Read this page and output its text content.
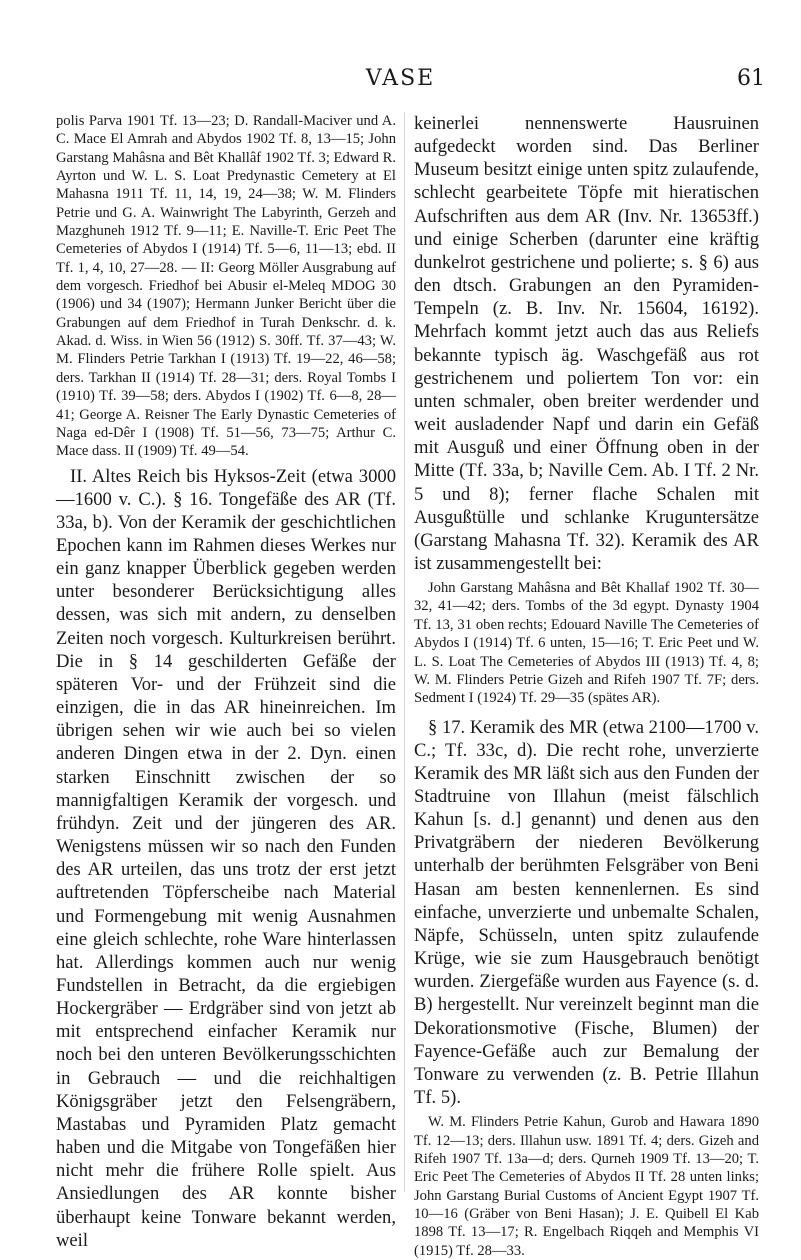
VASE	61

polis Parva 1901 Tf. 13—23; D. Randall-Maciver und A. C. Mace El Amrah and Abydos 1902 Tf. 8, 13—15; John Garstang Mahâsna and Bêt Khallâf 1902 Tf. 3; Edward R. Ayrton und W. L. S. Loat Predynastic Cemetery at El Mahasna 1911 Tf. 11, 14, 19, 24—38; W. M. Flinders Petrie und G. A. Wainwright The Labyrinth, Gerzeh and Mazghuneh 1912 Tf. 9—11; E. Naville-T. Eric Peet The Cemeteries of Abydos I (1914) Tf. 5—6, 11—13; ebd. II Tf. 1, 4, 10, 27—28. — II: Georg Möller Ausgrabung auf dem vorgesch. Friedhof bei Abusir el-Meleq MDOG 30 (1906) und 34 (1907); Hermann Junker Bericht über die Grabungen auf dem Friedhof in Turah Denkschr. d. k. Akad. d. Wiss. in Wien 56 (1912) S. 30ff. Tf. 37—43; W. M. Flinders Petrie Tarkhan I (1913) Tf. 19—22, 46—58; ders. Tarkhan II (1914) Tf. 28—31; ders. Royal Tombs I (1910) Tf. 39—58; ders. Abydos I (1902) Tf. 6—8, 28—41; George A. Reisner The Early Dynastic Cemeteries of Naga ed-Dêr I (1908) Tf. 51—56, 73—75; Arthur C. Mace dass. II (1909) Tf. 49—54.

II. Altes Reich bis Hyksos-Zeit (etwa 3000—1600 v. C.). § 16. Tongefäße des AR (Tf. 33a, b). Von der Keramik der geschichtlichen Epochen kann im Rahmen dieses Werkes nur ein ganz knapper Überblick gegeben werden unter besonderer Berücksichtigung alles dessen, was sich mit andern, zu denselben Zeiten noch vorgesch. Kulturkreisen berührt. Die in § 14 geschilderten Gefäße der späteren Vor- und der Frühzeit sind die einzigen, die in das AR hineinreichen. Im übrigen sehen wir wie auch bei so vielen anderen Dingen etwa in der 2. Dyn. einen starken Einschnitt zwischen der so mannigfaltigen Keramik der vorgesch. und frühdyn. Zeit und der jüngeren des AR. Wenigstens müssen wir so nach den Funden des AR urteilen, das uns trotz der erst jetzt auftretenden Töpferscheibe nach Material und Formengebung mit wenig Ausnahmen eine gleich schlechte, rohe Ware hinterlassen hat. Allerdings kommen auch nur wenig Fundstellen in Betracht, da die ergiebigen Hockergräber — Erdgräber sind von jetzt ab mit entsprechend einfacher Keramik nur noch bei den unteren Bevölkerungsschichten in Gebrauch — und die reichhaltigen Königsgräber jetzt den Felsengräbern, Mastabas und Pyramiden Platz gemacht haben und die Mitgabe von Tongefäßen hier nicht mehr die frühere Rolle spielt. Aus Ansiedlungen des AR konnte bisher überhaupt keine Tonware bekannt werden, weil

keinerlei nennenswerte Hausruinen aufgedeckt worden sind. Das Berliner Museum besitzt einige unten spitz zulaufende, schlecht gearbeitete Töpfe mit hieratischen Aufschriften aus dem AR (Inv. Nr. 13653ff.) und einige Scherben (darunter eine kräftig dunkelrot gestrichene und polierte; s. § 6) aus den dtsch. Grabungen an den Pyramiden-Tempeln (z. B. Inv. Nr. 15604, 16192). Mehrfach kommt jetzt auch das aus Reliefs bekannte typisch äg. Waschgefäß aus rot gestrichenem und poliertem Ton vor: ein unten schmaler, oben breiter werdender und weit ausladender Napf und darin ein Gefäß mit Ausguß und einer Öffnung oben in der Mitte (Tf. 33a, b; Naville Cem. Ab. I Tf. 2 Nr. 5 und 8); ferner flache Schalen mit Ausgußtülle und schlanke Kruguntersätze (Garstang Mahasna Tf. 32). Keramik des AR ist zusammengestellt bei:

John Garstang Mahâsna and Bêt Khallaf 1902 Tf. 30—32, 41—42; ders. Tombs of the 3d egypt. Dynasty 1904 Tf. 13, 31 oben rechts; Edouard Naville The Cemeteries of Abydos I (1914) Tf. 6 unten, 15—16; T. Eric Peet und W. L. S. Loat The Cemeteries of Abydos III (1913) Tf. 4, 8; W. M. Flinders Petrie Gizeh and Rifeh 1907 Tf. 7F; ders. Sedment I (1924) Tf. 29—35 (spätes AR).

§ 17. Keramik des MR (etwa 2100—1700 v. C.; Tf. 33c, d). Die recht rohe, unverzierte Keramik des MR läßt sich aus den Funden der Stadtruine von Illahun (meist fälschlich Kahun [s. d.] genannt) und denen aus den Privatgräbern der niederen Bevölkerung unterhalb der berühmten Felsgräber von Beni Hasan am besten kennenlernen. Es sind einfache, unverzierte und unbemalte Schalen, Näpfe, Schüsseln, unten spitz zulaufende Krüge, wie sie zum Hausgebrauch benötigt wurden. Ziergefäße wurden aus Fayence (s. d. B) hergestellt. Nur vereinzelt beginnt man die Dekorationsmotive (Fische, Blumen) der Fayence-Gefäße auch zur Bemalung der Tonware zu verwenden (z. B. Petrie Illahun Tf. 5).

W. M. Flinders Petrie Kahun, Gurob and Hawara 1890 Tf. 12—13; ders. Illahun usw. 1891 Tf. 4; ders. Gizeh and Rifeh 1907 Tf. 13a—d; ders. Qurneh 1909 Tf. 13—20; T. Eric Peet The Cemeteries of Abydos II Tf. 28 unten links; John Garstang Burial Customs of Ancient Egypt 1907 Tf. 10—16 (Gräber von Beni Hasan); J. E. Quibell El Kab 1898 Tf. 13—17; R. Engelbach Riqqeh and Memphis VI (1915) Tf. 28—33.
